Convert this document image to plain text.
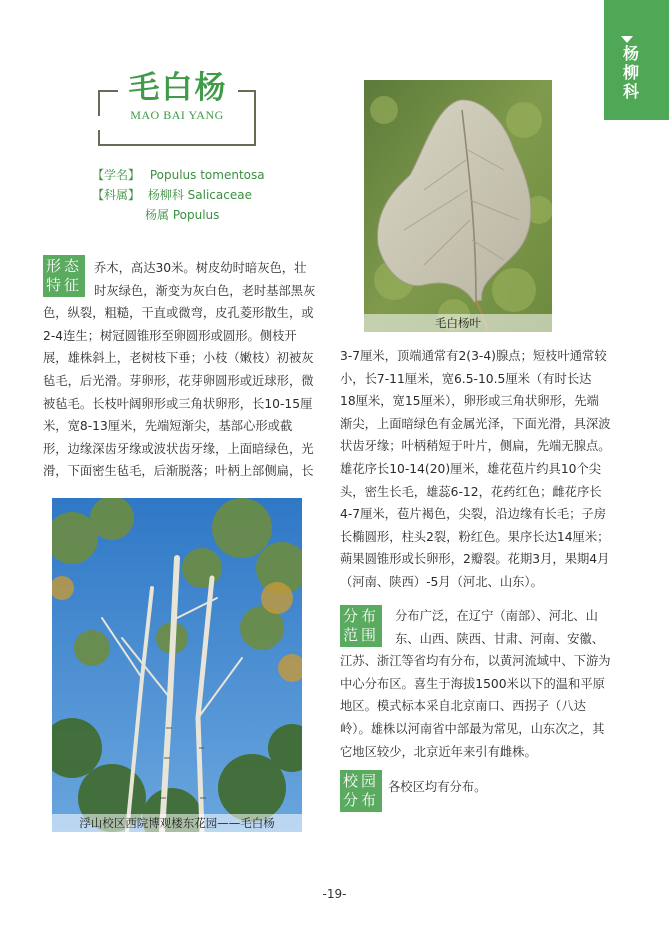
杨柳科
毛白杨
MAO BAI YANG
【学名】 Populus tomentosa
【科属】 杨柳科 Salicaceae
杨属 Populus
形态
特征
乔木，高达30米。树皮幼时暗灰色，壮
时灰绿色，渐变为灰白色，老时基部黑灰
色，纵裂，粗糙，干直或微弯，皮孔菱形散生，或
2-4连生；树冠圆锥形至卵圆形或圆形。侧枝开
展，雄株斜上，老树枝下垂；小枝（嫩枝）初被灰
毡毛，后光滑。芽卵形，花芽卵圆形或近球形，微
被毡毛。长枝叶阔卵形或三角状卵形，长10-15厘
米，宽8-13厘米，先端短渐尖，基部心形或截
形，边缘深齿牙缘或波状齿牙缘，上面暗绿色，光
滑，下面密生毡毛，后渐脱落；叶柄上部侧扁，长
毛白杨叶
3-7厘米，顶端通常有2(3-4)腺点；短枝叶通常较
小，长7-11厘米，宽6.5-10.5厘米（有时长达
18厘米，宽15厘米），卵形或三角状卵形，先端
渐尖，上面暗绿色有金属光泽，下面光滑，具深波
状齿牙缘；叶柄稍短于叶片，侧扁，先端无腺点。
雄花序长10-14(20)厘米，雄花苞片约具10个尖
头，密生长毛，雄蕊6-12，花药红色；雌花序长
4-7厘米，苞片褐色，尖裂，沿边缘有长毛；子房
长椭圆形，柱头2裂，粉红色。果序长达14厘米；
蒴果圆锥形或长卵形，2瓣裂。花期3月，果期4月
（河南、陕西）-5月（河北、山东）。
浮山校区西院博观楼东花园——毛白杨
分布
范围
分布广泛，在辽宁（南部）、河北、山
东、山西、陕西、甘肃、河南、安徽、
江苏、浙江等省均有分布，以黄河流域中、下游为
中心分布区。喜生于海拔1500米以下的温和平原
地区。模式标本采自北京南口、西拐子（八达
岭）。雄株以河南省中部最为常见，山东次之，其
它地区较少，北京近年来引有雌株。
校园
分布
各校区均有分布。
-19-
